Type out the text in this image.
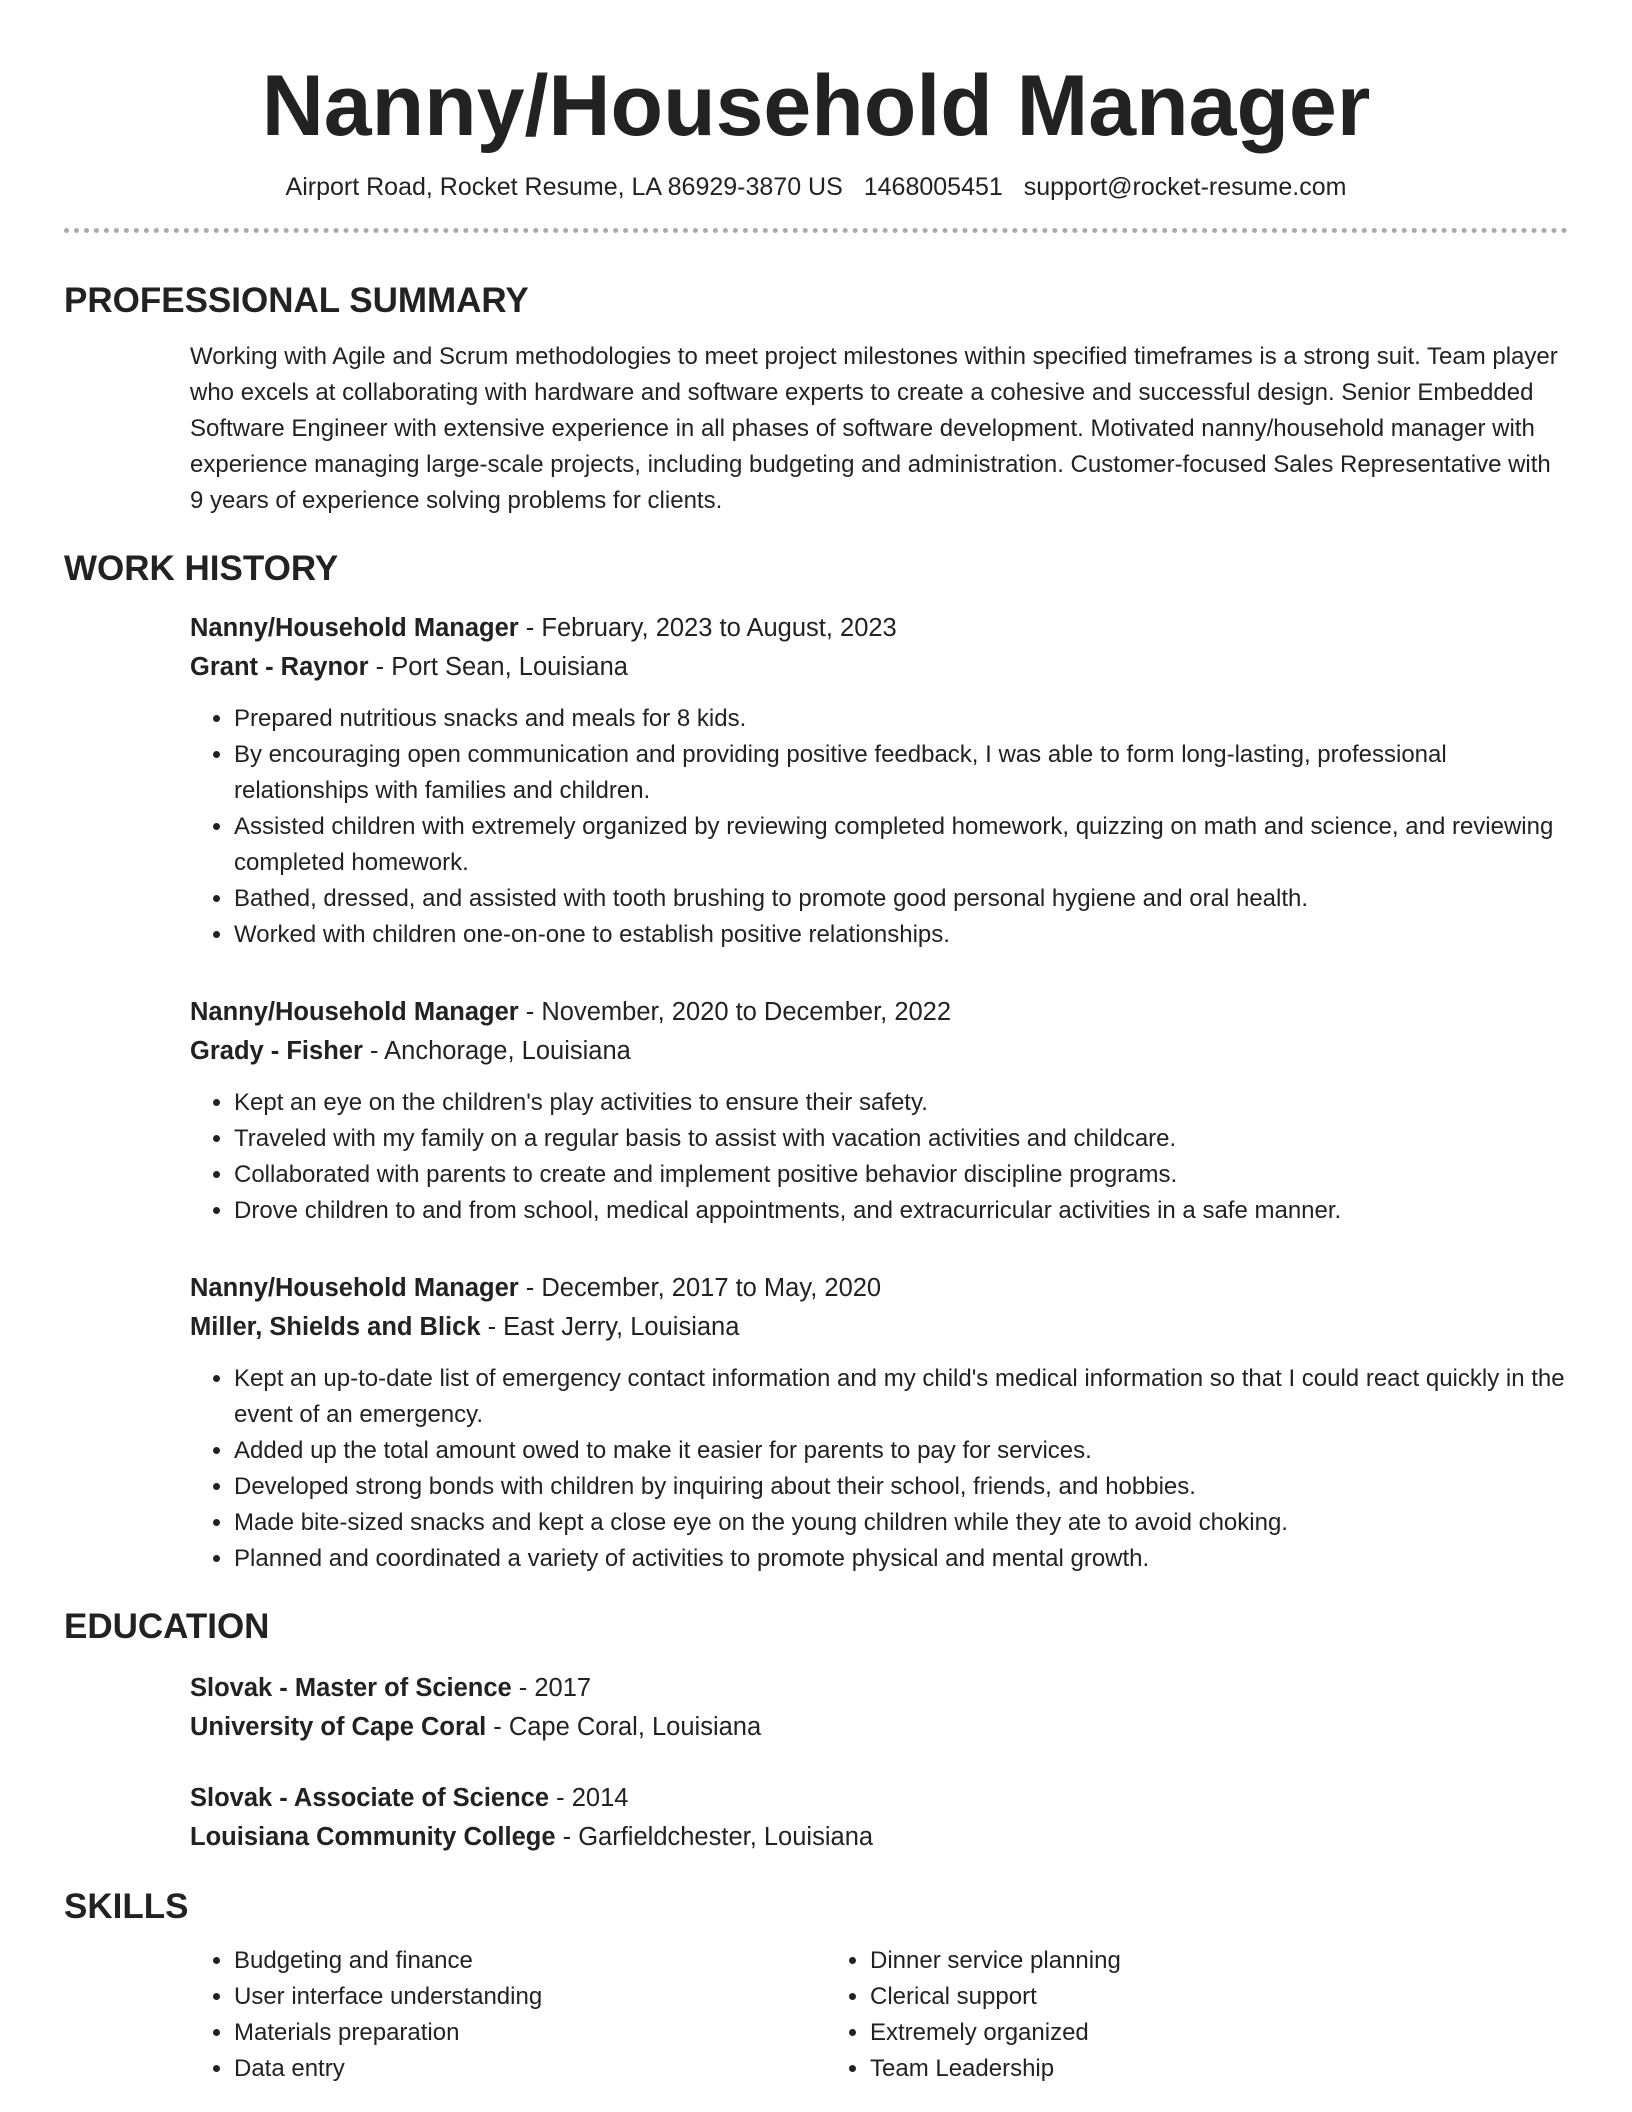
Nanny/Household Manager
Airport Road, Rocket Resume, LA 86929-3870 US 1468005451 support@rocket-resume.com
PROFESSIONAL SUMMARY
Working with Agile and Scrum methodologies to meet project milestones within specified timeframes is a strong suit. Team player who excels at collaborating with hardware and software experts to create a cohesive and successful design. Senior Embedded Software Engineer with extensive experience in all phases of software development. Motivated nanny/household manager with experience managing large-scale projects, including budgeting and administration. Customer-focused Sales Representative with 9 years of experience solving problems for clients.
WORK HISTORY
Nanny/Household Manager - February, 2023 to August, 2023
Grant - Raynor - Port Sean, Louisiana
• Prepared nutritious snacks and meals for 8 kids.
• By encouraging open communication and providing positive feedback, I was able to form long-lasting, professional relationships with families and children.
• Assisted children with extremely organized by reviewing completed homework, quizzing on math and science, and reviewing completed homework.
• Bathed, dressed, and assisted with tooth brushing to promote good personal hygiene and oral health.
• Worked with children one-on-one to establish positive relationships.
Nanny/Household Manager - November, 2020 to December, 2022
Grady - Fisher - Anchorage, Louisiana
• Kept an eye on the children's play activities to ensure their safety.
• Traveled with my family on a regular basis to assist with vacation activities and childcare.
• Collaborated with parents to create and implement positive behavior discipline programs.
• Drove children to and from school, medical appointments, and extracurricular activities in a safe manner.
Nanny/Household Manager - December, 2017 to May, 2020
Miller, Shields and Blick - East Jerry, Louisiana
• Kept an up-to-date list of emergency contact information and my child's medical information so that I could react quickly in the event of an emergency.
• Added up the total amount owed to make it easier for parents to pay for services.
• Developed strong bonds with children by inquiring about their school, friends, and hobbies.
• Made bite-sized snacks and kept a close eye on the young children while they ate to avoid choking.
• Planned and coordinated a variety of activities to promote physical and mental growth.
EDUCATION
Slovak - Master of Science - 2017
University of Cape Coral - Cape Coral, Louisiana
Slovak - Associate of Science - 2014
Louisiana Community College - Garfieldchester, Louisiana
SKILLS
• Budgeting and finance
• User interface understanding
• Materials preparation
• Data entry
• Dinner service planning
• Clerical support
• Extremely organized
• Team Leadership
